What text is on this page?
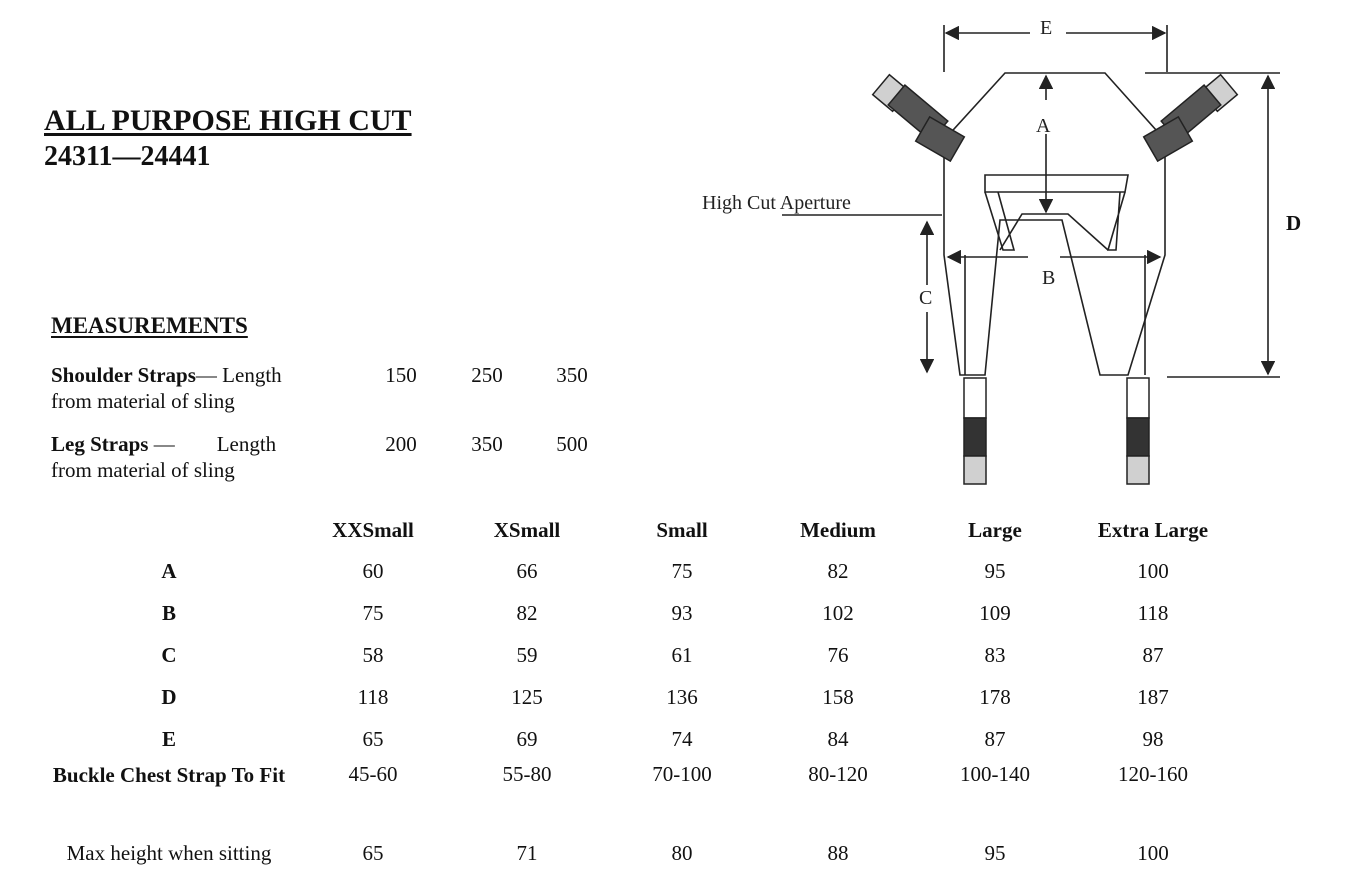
ALL PURPOSE HIGH CUT
24311—24441
MEASUREMENTS
Shoulder Straps— Length
from material of sling
150	250	350
Leg Straps —        Length
from material of sling
200	350	500
	XXSmall	XSmall	Small	Medium	Large	Extra Large
A	60	66	75	82	95	100
B	75	82	93	102	109	118
C	58	59	61	76	83	87
D	118	125	136	158	178	187
E	65	69	74	84	87	98
Buckle Chest Strap To Fit	45-60	55-80	70-100	80-120	100-140	120-160
Max height when sitting	65	71	80	88	95	100
E
A
B
C
D
High Cut Aperture
